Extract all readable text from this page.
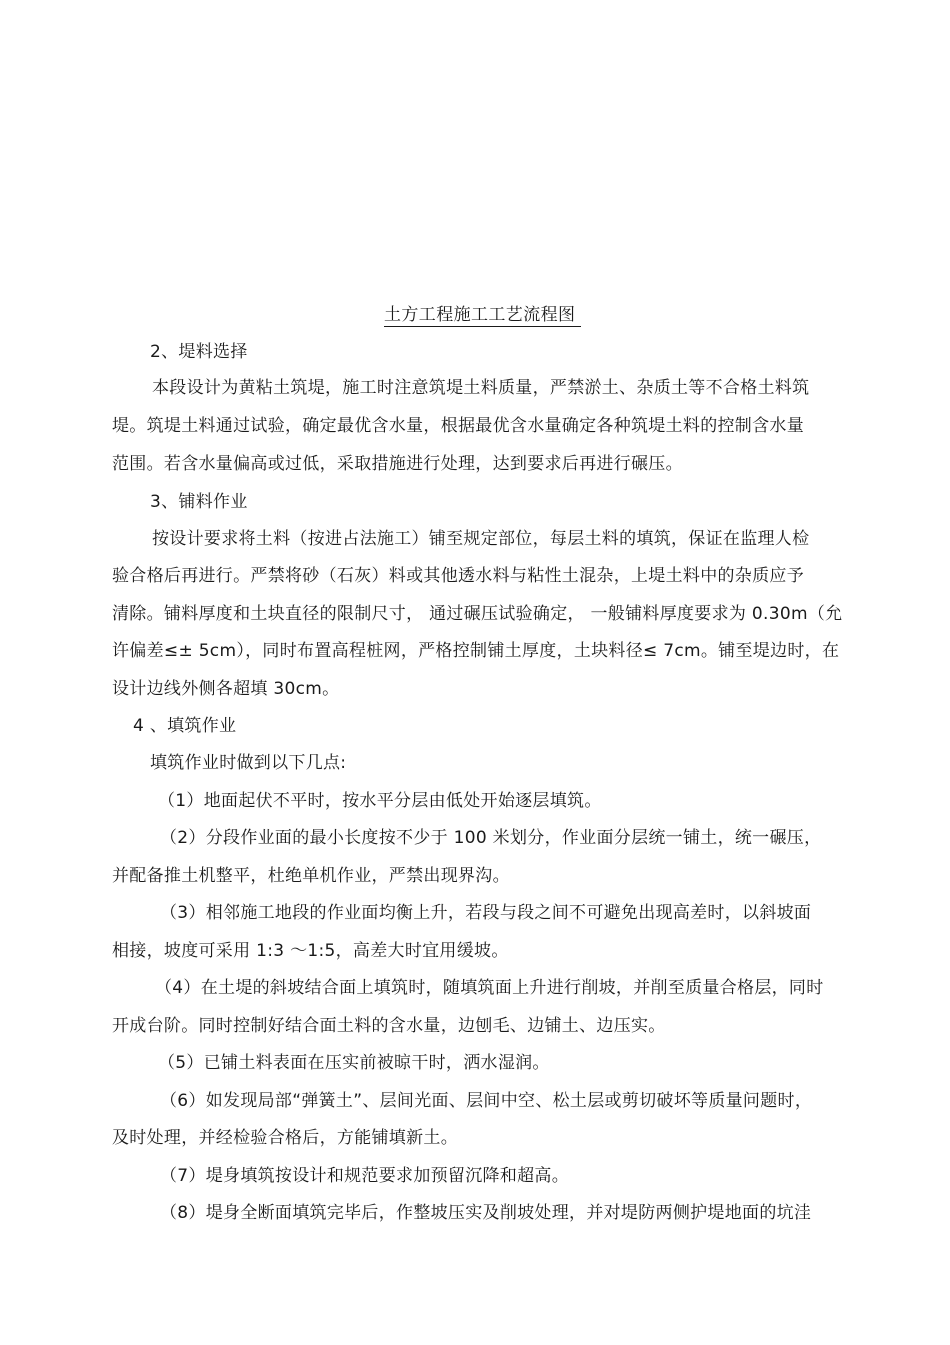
土方工程施工工艺流程图
2、堤料选择
本段设计为黄粘土筑堤，施工时注意筑堤土料质量，严禁淤土、杂质土等不合格土料筑
堤。筑堤土料通过试验，确定最优含水量，根据最优含水量确定各种筑堤土料的控制含水量
范围。若含水量偏高或过低，采取措施进行处理，达到要求后再进行碾压。
3、铺料作业
按设计要求将土料（按进占法施工）铺至规定部位，每层土料的填筑，保证在监理人检
验合格后再进行。严禁将砂（石灰）料或其他透水料与粘性土混杂，上堤土料中的杂质应予
清除。铺料厚度和土块直径的限制尺寸， 通过碾压试验确定， 一般铺料厚度要求为 0.30m（允
许偏差≤± 5cm），同时布置高程桩网，严格控制铺土厚度，土块料径≤ 7cm。铺至堤边时，在
设计边线外侧各超填 30cm。
4 、填筑作业
填筑作业时做到以下几点:
（1）地面起伏不平时，按水平分层由低处开始逐层填筑。
（2）分段作业面的最小长度按不少于 100 米划分，作业面分层统一铺土，统一碾压，
并配备推土机整平，杜绝单机作业，严禁出现界沟。
（3）相邻施工地段的作业面均衡上升，若段与段之间不可避免出现高差时，以斜坡面
相接，坡度可采用 1:3 ～1:5，高差大时宜用缓坡。
（4）在土堤的斜坡结合面上填筑时，随填筑面上升进行削坡，并削至质量合格层，同时
开成台阶。同时控制好结合面土料的含水量，边刨毛、边铺土、边压实。
（5）已铺土料表面在压实前被晾干时，洒水湿润。
（6）如发现局部“弹簧土”、层间光面、层间中空、松土层或剪切破坏等质量问题时，
及时处理，并经检验合格后，方能铺填新土。
（7）堤身填筑按设计和规范要求加预留沉降和超高。
（8）堤身全断面填筑完毕后，作整坡压实及削坡处理，并对堤防两侧护堤地面的坑洼
